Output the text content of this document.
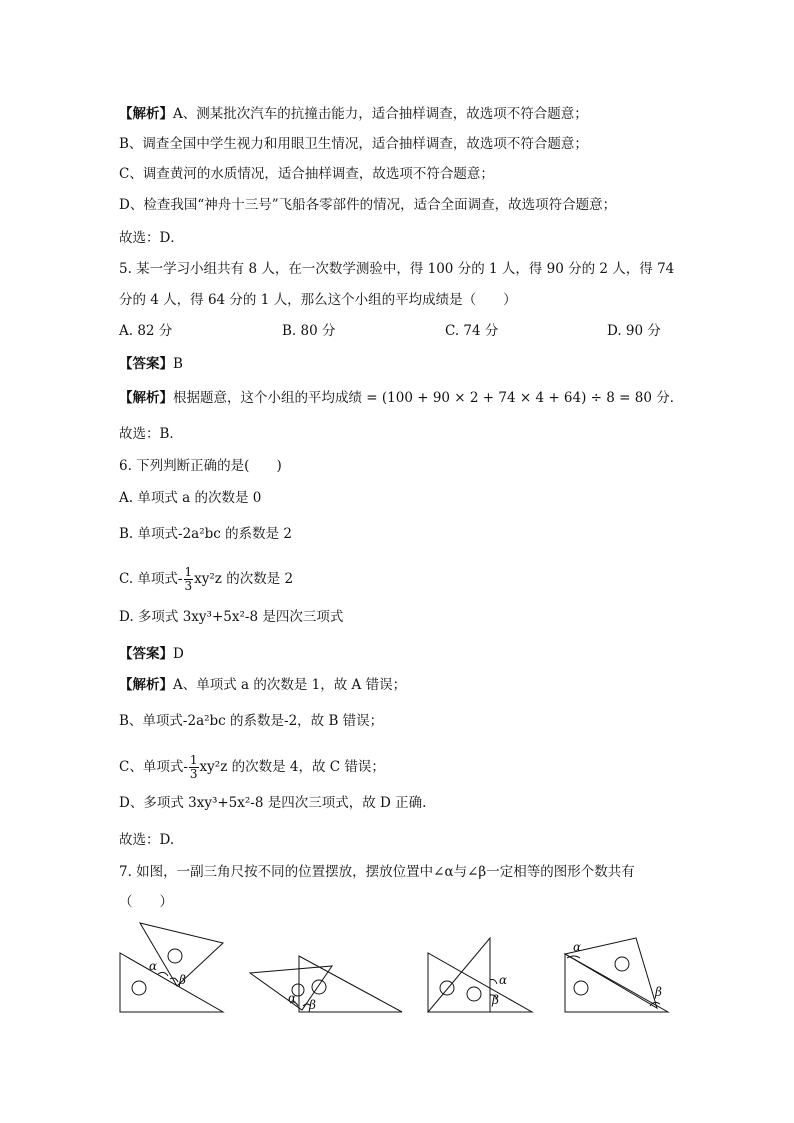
【解析】A、测某批次汽车的抗撞击能力，适合抽样调查，故选项不符合题意；
B、调查全国中学生视力和用眼卫生情况，适合抽样调查，故选项不符合题意；
C、调查黄河的水质情况，适合抽样调查，故选项不符合题意；
D、检查我国“神舟十三号”飞船各零部件的情况，适合全面调查，故选项符合题意；
故选：D．
5. 某一学习小组共有 8 人，在一次数学测验中，得 100 分的 1 人，得 90 分的 2 人，得 74
分的 4 人，得 64 分的 1 人，那么这个小组的平均成绩是（　　）
A. 82 分	B. 80 分	C. 74 分	D. 90 分
【答案】B
【解析】根据题意，这个小组的平均成绩 = (100 + 90 × 2 + 74 × 4 + 64) ÷ 8 = 80 分．
故选：B．
6. 下列判断正确的是(　　)
A. 单项式 a 的次数是 0
B. 单项式-2a²bc 的系数是 2
C. 单项式- $\frac{1}{3} xy^2z$ 的次数是 2
D. 多项式 3xy³+5x²-8 是四次三项式
【答案】D
【解析】A、单项式 a 的次数是 1，故 A 错误；
B、单项式-2a²bc 的系数是-2，故 B 错误；
C、单项式- $\frac{1}{3} xy^2z$ 的次数是 4，故 C 错误；
D、多项式 3xy³+5x²-8 是四次三项式，故 D 正确.
故选：D.
7. 如图，一副三角尺按不同的位置摆放，摆放位置中∠α与∠β一定相等的图形个数共有
（　　）
α
β
α β
α
β
α
β
